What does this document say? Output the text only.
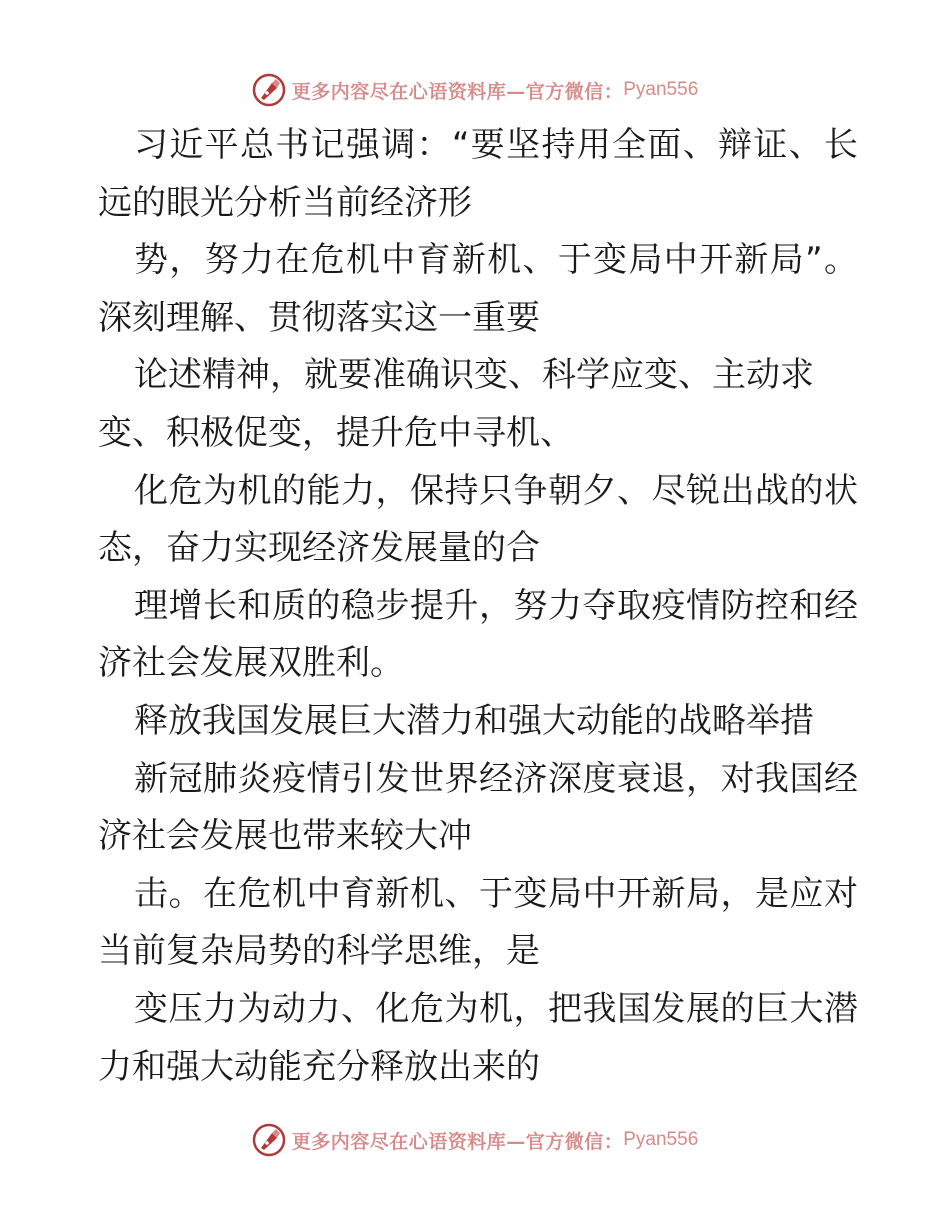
更多内容尽在心语资料库—官方微信： Pyan556
习近平总书记强调：“要坚持用全面、辩证、长
远的眼光分析当前经济形
势，努力在危机中育新机、于变局中开新局”。
深刻理解、贯彻落实这一重要
论述精神，就要准确识变、科学应变、主动求
变、积极促变，提升危中寻机、
化危为机的能力，保持只争朝夕、尽锐出战的状
态，奋力实现经济发展量的合
理增长和质的稳步提升，努力夺取疫情防控和经
济社会发展双胜利。
释放我国发展巨大潜力和强大动能的战略举措
新冠肺炎疫情引发世界经济深度衰退，对我国经
济社会发展也带来较大冲
击。在危机中育新机、于变局中开新局，是应对
当前复杂局势的科学思维，是
变压力为动力、化危为机，把我国发展的巨大潜
力和强大动能充分释放出来的
更多内容尽在心语资料库—官方微信： Pyan556
